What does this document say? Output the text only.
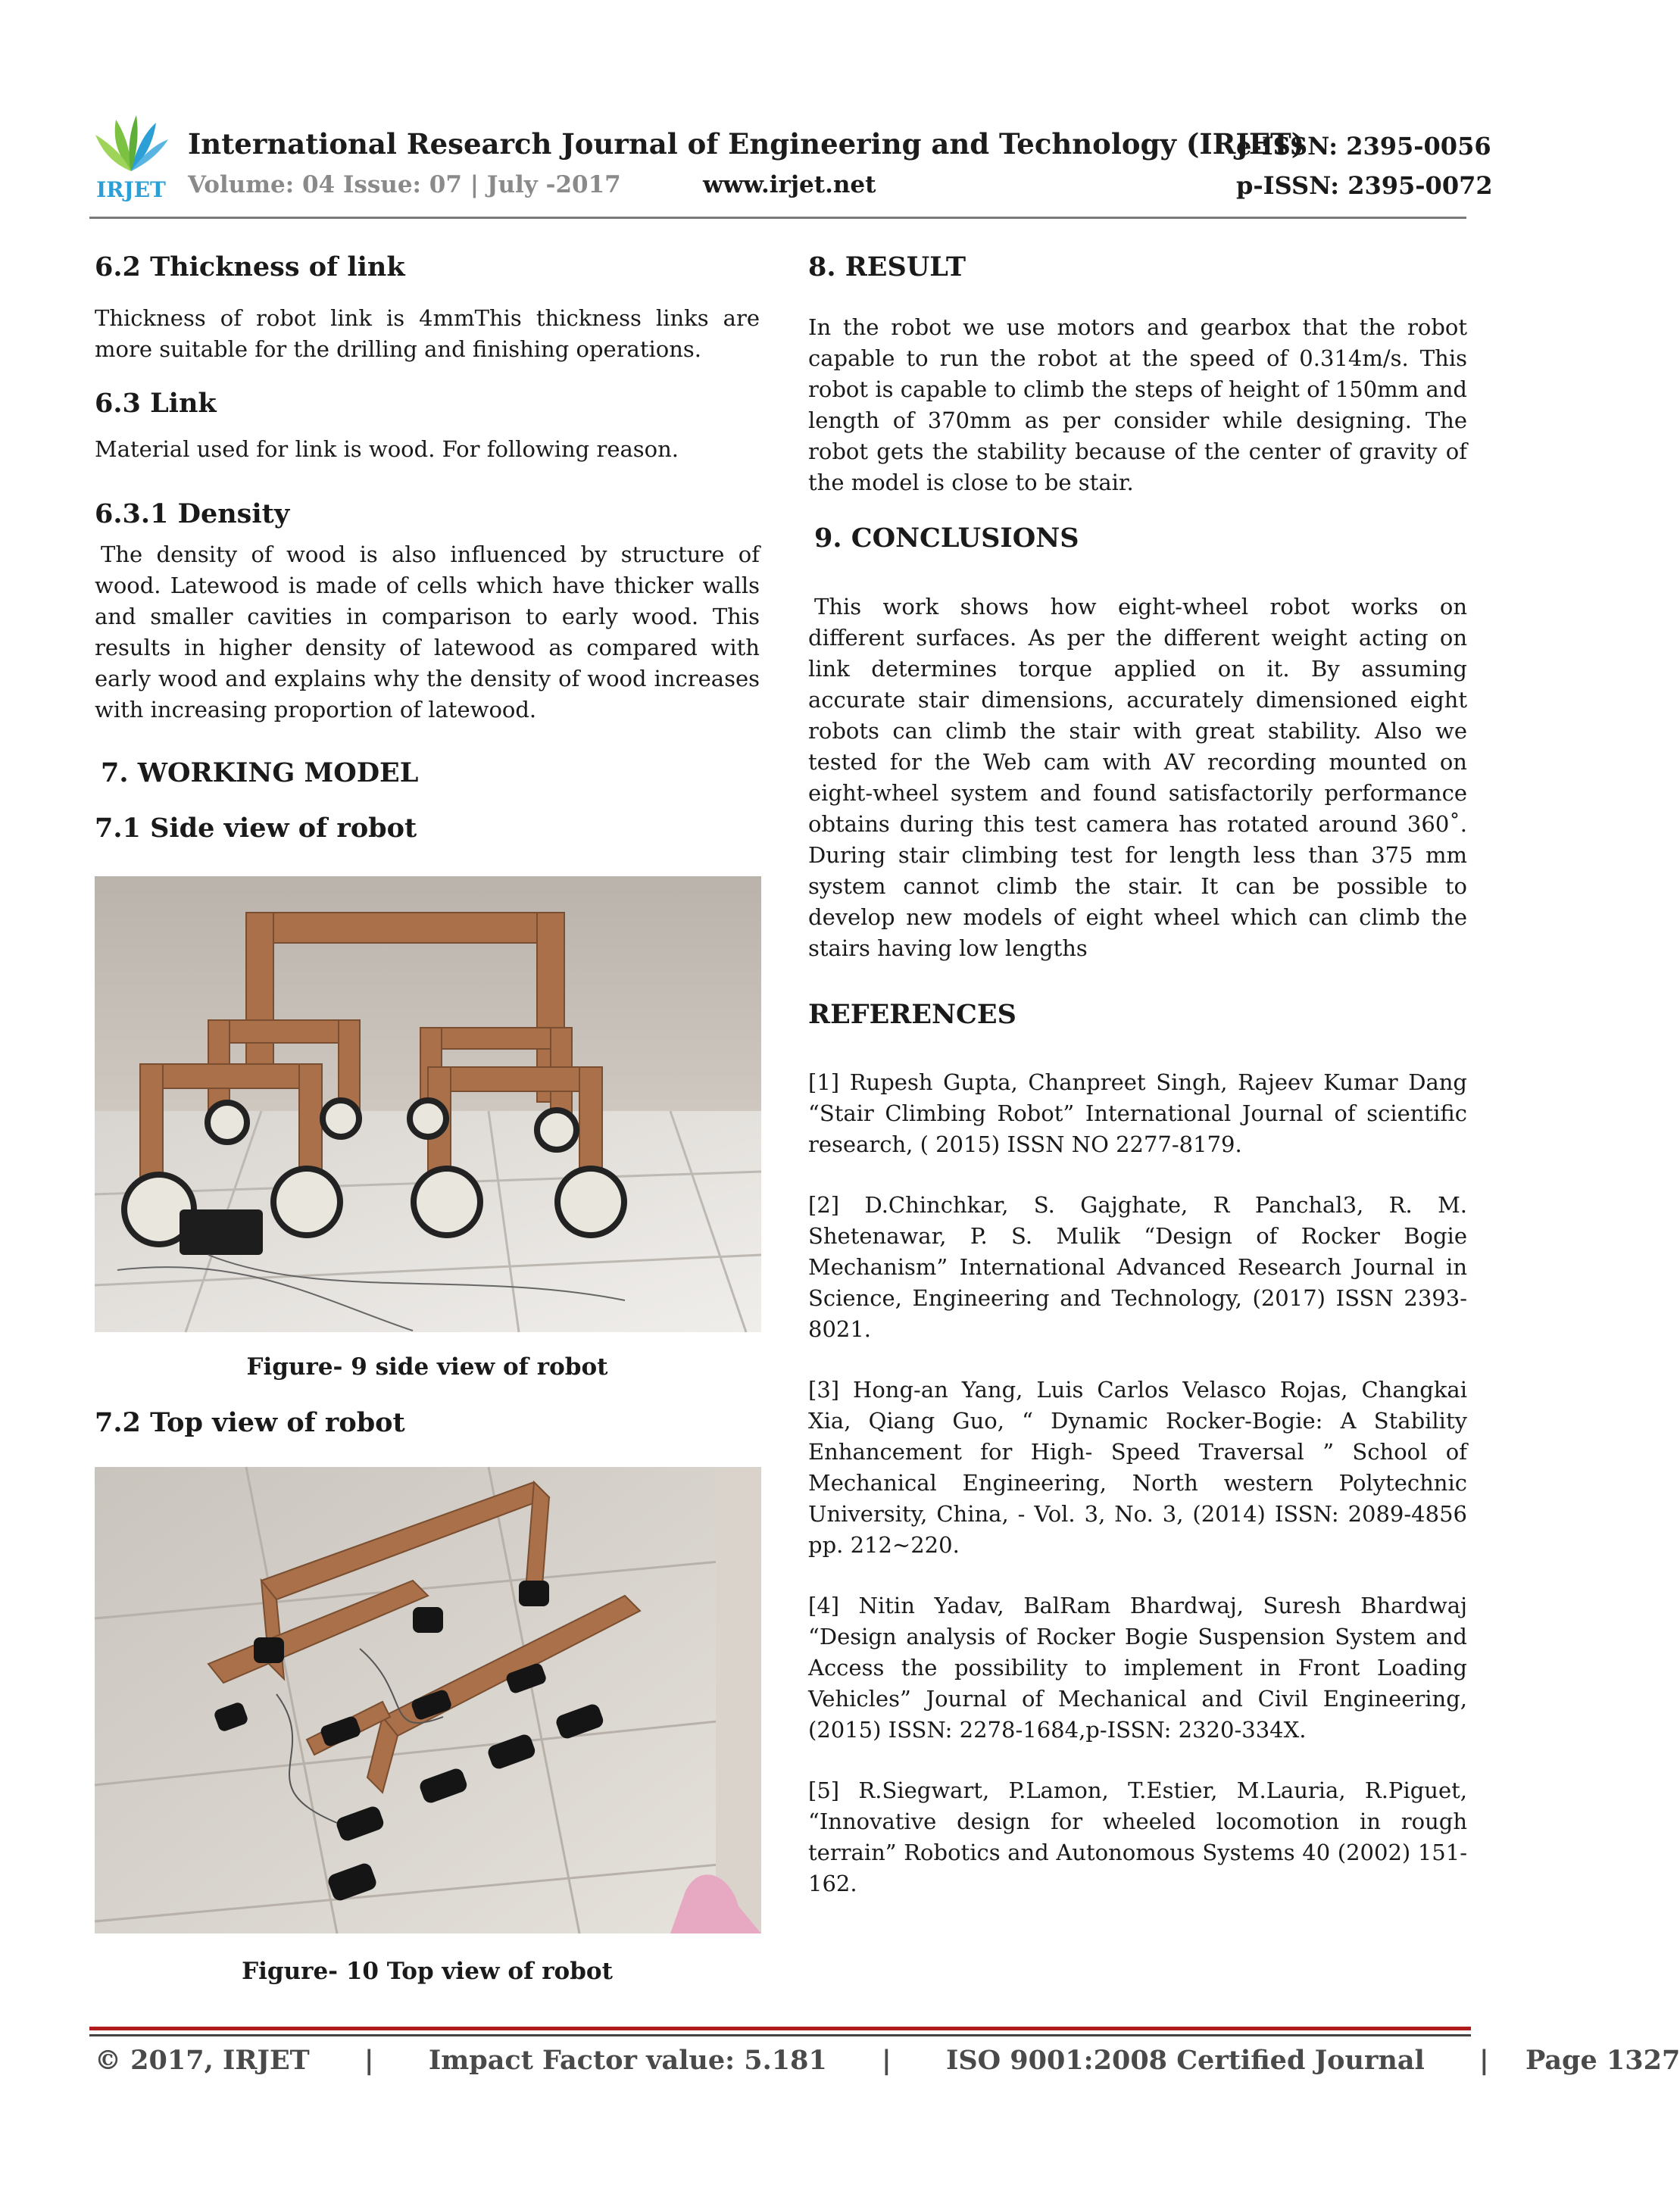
IRJET
International Research Journal of Engineering and Technology (IRJET)
e-ISSN: 2395-0056
Volume: 04 Issue: 07 | July -2017	www.irjet.net	p-ISSN: 2395-0072
6.2 Thickness of link

Thickness of robot link is 4mmThis thickness links are more suitable for the drilling and finishing operations.

6.3 Link

Material used for link is wood. For following reason.

6.3.1 Density

The density of wood is also influenced by structure of wood. Latewood is made of cells which have thicker walls and smaller cavities in comparison to early wood. This results in higher density of latewood as compared with early wood and explains why the density of wood increases with increasing proportion of latewood.

7. WORKING MODEL
7.1 Side view of robot

Figure- 9 side view of robot

7.2 Top view of robot

Figure- 10 Top view of robot

8. RESULT

In the robot we use motors and gearbox that the robot capable to run the robot at the speed of 0.314m/s. This robot is capable to climb the steps of height of 150mm and length of 370mm as per consider while designing. The robot gets the stability because of the center of gravity of the model is close to be stair.

9. CONCLUSIONS

This work shows how eight-wheel robot works on different surfaces. As per the different weight acting on link determines torque applied on it. By assuming accurate stair dimensions, accurately dimensioned eight robots can climb the stair with great stability. Also we tested for the Web cam with AV recording mounted on eight-wheel system and found satisfactorily performance obtains during this test camera has rotated around 360˚. During stair climbing test for length less than 375 mm system cannot climb the stair. It can be possible to develop new models of eight wheel which can climb the stairs having low lengths

REFERENCES

[1] Rupesh Gupta, Chanpreet Singh, Rajeev Kumar Dang “Stair Climbing Robot” International Journal of scientific research, ( 2015) ISSN NO 2277-8179.

[2] D.Chinchkar, S. Gajghate, R Panchal3, R. M. Shetenawar, P. S. Mulik “Design of Rocker Bogie Mechanism” International Advanced Research Journal in Science, Engineering and Technology, (2017) ISSN 2393-8021.

[3] Hong-an Yang, Luis Carlos Velasco Rojas, Changkai Xia, Qiang Guo, “ Dynamic Rocker-Bogie: A Stability Enhancement for High- Speed Traversal ” School of Mechanical Engineering, North western Polytechnic University, China, - Vol. 3, No. 3, (2014) ISSN: 2089-4856 pp. 212~220.

[4] Nitin Yadav, BalRam Bhardwaj, Suresh Bhardwaj “Design analysis of Rocker Bogie Suspension System and Access the possibility to implement in Front Loading Vehicles” Journal of Mechanical and Civil Engineering, (2015) ISSN: 2278-1684,p-ISSN: 2320-334X.

[5] R.Siegwart, P.Lamon, T.Estier, M.Lauria, R.Piguet, “Innovative design for wheeled locomotion in rough terrain” Robotics and Autonomous Systems 40 (2002) 151-162.

© 2017, IRJET | Impact Factor value: 5.181 | ISO 9001:2008 Certified Journal | Page 1327
